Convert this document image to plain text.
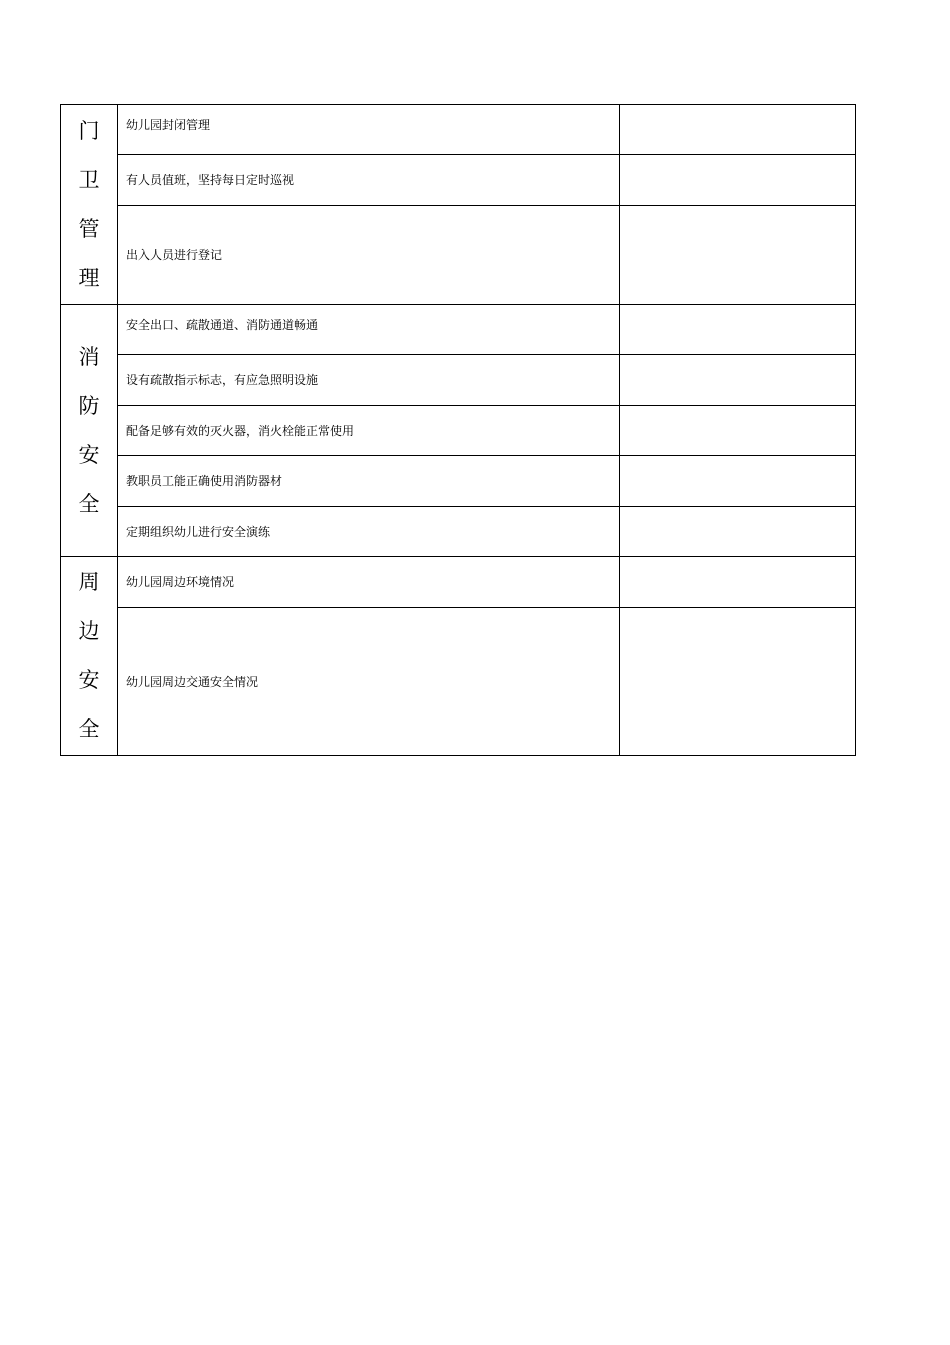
门
卫
管
理	幼儿园封闭管理	

	有人员值班，坚持每日定时巡视	

	出入人员进行登记	

消
防
安
全	安全出口、疏散通道、消防通道畅通	

	设有疏散指示标志，有应急照明设施	

	配备足够有效的灭火器，消火栓能正常使用	

	教职员工能正确使用消防器材	

	定期组织幼儿进行安全演练	

周
边
安
全	幼儿园周边环境情况	

	幼儿园周边交通安全情况	
